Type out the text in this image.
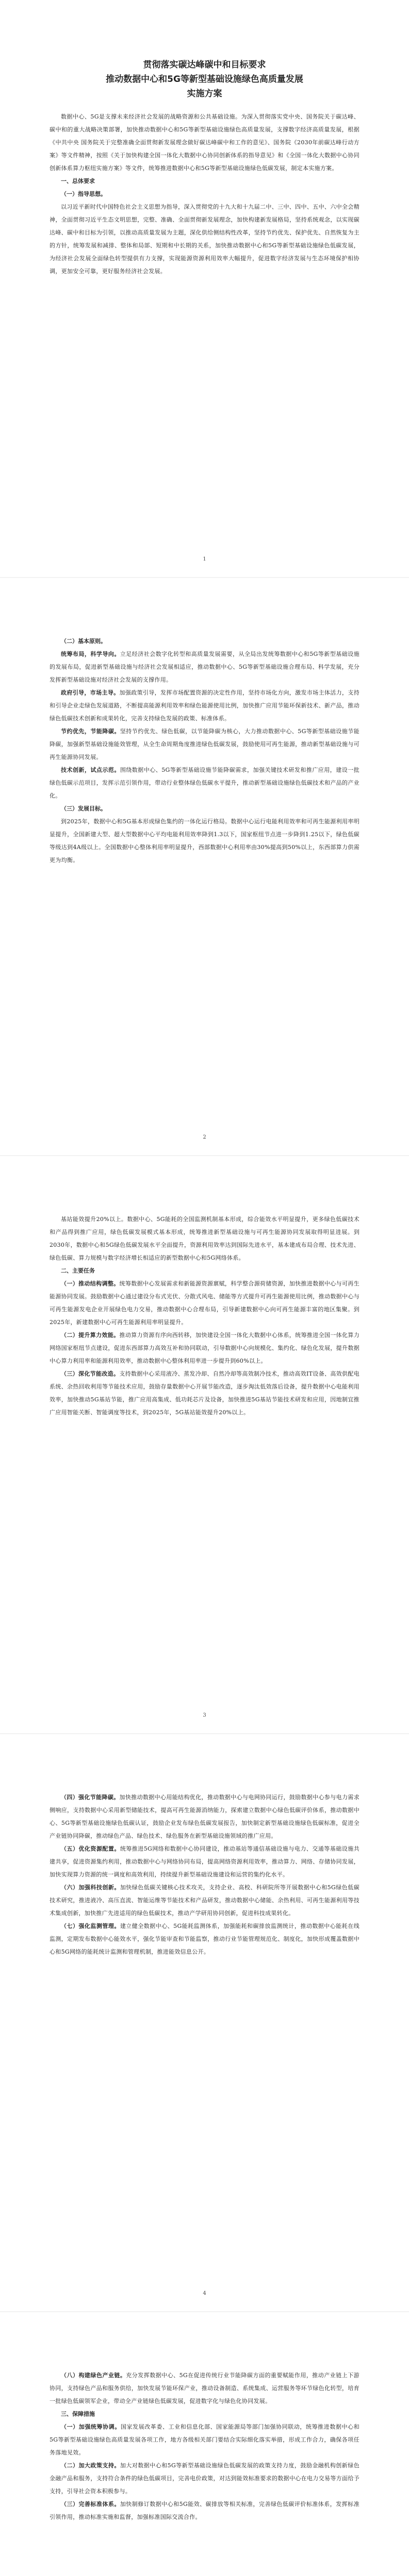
贯彻落实碳达峰碳中和目标要求

推动数据中心和5G等新型基础设施绿色高质量发展

实施方案

数据中心、5G是支撑未来经济社会发展的战略资源和公共基础设施。为深入贯彻落实党中央、国务院关于碳达峰、碳中和的重大战略决策部署，加快推动数据中心和5G等新型基础设施绿色高质量发展，支撑数字经济高质量发展，根据《中共中央 国务院关于完整准确全面贯彻新发展理念做好碳达峰碳中和工作的意见》、国务院《2030年前碳达峰行动方案》等文件精神，按照《关于加快构建全国一体化大数据中心协同创新体系的指导意见》和《全国一体化大数据中心协同创新体系算力枢纽实施方案》等文件，统筹推进数据中心和5G等新型基础设施绿色低碳发展，制定本实施方案。

一、总体要求

（一）指导思想。

以习近平新时代中国特色社会主义思想为指导，深入贯彻党的十九大和十九届二中、三中、四中、五中、六中全会精神，全面贯彻习近平生态文明思想，完整、准确、全面贯彻新发展理念，加快构建新发展格局，坚持系统观念，以实现碳达峰、碳中和目标为引领，以推动高质量发展为主题，深化供给侧结构性改革，坚持节约优先、保护优先、自然恢复为主的方针，统筹发展和减排、整体和局部、短期和中长期的关系，加快推动数据中心和5G等新型基础设施绿色低碳发展，为经济社会发展全面绿色转型提供有力支撑，实现能源资源利用效率大幅提升，促进数字经济发展与生态环境保护相协调，更加安全可靠，更好服务经济社会发展。

1

（二）基本原则。

统筹布局，科学导向。立足经济社会数字化转型和高质量发展需要，从全局出发统筹数据中心和5G等新型基础设施的发展布局，促进新型基础设施与经济社会发展相适应，推动数据中心、5G等新型基础设施合理布局、科学发展，充分发挥新型基础设施对经济社会发展的支撑作用。

政府引导，市场主导。加强政策引导，发挥市场配置资源的决定性作用，坚持市场化方向，激发市场主体活力，支持和引导企业走绿色发展道路，不断提高能源利用效率和绿色能源使用比例，加快推广应用节能环保新技术、新产品，推动绿色低碳技术创新和成果转化，完善支持绿色发展的政策、标准体系。

节约优先，节能降碳。坚持节约优先、绿色低碳，以节能降碳为核心，大力推动数据中心、5G等新型基础设施节能降碳，加强新型基础设施能效管理，从全生命周期角度推进绿色低碳发展，鼓励使用可再生能源，推动新型基础设施与可再生能源协同发展。

技术创新，试点示范。围绕数据中心、5G等新型基础设施节能降碳需求，加强关键技术研发和推广应用，建设一批绿色低碳示范项目，发挥示范引领作用，带动行业整体绿色低碳水平提升，推动新型基础设施绿色低碳技术和产品的产业化。

（三）发展目标。

到2025年，数据中心和5G基本形成绿色集约的一体化运行格局。数据中心运行电能利用效率和可再生能源利用率明显提升，全国新建大型、超大型数据中心平均电能利用效率降到1.3以下，国家枢纽节点进一步降到1.25以下，绿色低碳等级达到4A级以上。全国数据中心整体利用率明显提升，西部数据中心利用率由30%提高到50%以上，东西部算力供需更为均衡。

2

基站能效提升20%以上。数据中心、5G能耗的全国监测机制基本形成，综合能效水平明显提升，更多绿色低碳技术和产品得到推广应用，绿色低碳发展模式基本形成，统筹推进新型基础设施与可再生能源协同发展取得明显进展。到2030年，数据中心和5G绿色低碳发展水平全面提升，资源利用效率达到国际先进水平，基本建成布局合理、技术先进、绿色低碳、算力规模与数字经济增长相适应的新型数据中心和5G网络体系。

二、主要任务

（一）推动结构调整。统筹数据中心发展需求和新能源资源禀赋，科学整合源荷储资源，加快推进数据中心与可再生能源协同发展。鼓励数据中心通过建设分布式光伏、分散式风电、储能等方式提升可再生能源使用比例，推动数据中心与可再生能源发电企业开展绿色电力交易，推动数据中心合理布局，引导新建数据中心向可再生能源丰富的地区集聚。到2025年，新建数据中心可再生能源利用率明显提升。

（二）提升算力效能。推动算力资源有序向西转移，加快建设全国一体化大数据中心体系，统筹推进全国一体化算力网络国家枢纽节点建设，促进东西部算力高效互补和协同联动，引导数据中心向规模化、集约化、绿色化发展，提升数据中心算力利用率和能源利用效率，推动数据中心整体利用率进一步提升到60%以上。

（三）深化节能改造。支持数据中心采用液冷、蒸发冷却、自然冷却等高效制冷技术，推动高效IT设备、高效供配电系统、余热回收利用等节能技术应用，鼓励存量数据中心开展节能改造，逐步淘汰低效落后设备，提升数据中心电能利用效率，加快推动5G基站节能，推广应用高集成、低功耗芯片及设备，加快推进5G基站节能技术研发和应用，因地制宜推广应用智能关断、智能调度等技术，到2025年，5G基站能效提升20%以上。

3

（四）强化节能降碳。加快推动数据中心用能结构优化，推动数据中心与电网协同运行，鼓励数据中心参与电力需求侧响应，支持数据中心采用新型储能技术，提高可再生能源消纳能力，探索建立数据中心绿色低碳评价体系，推动数据中心、5G等新型基础设施绿色低碳认证，鼓励企业发布绿色低碳发展报告，加快制定新型基础设施绿色低碳标准，促进全产业链协同降碳，推动绿色产品、绿色技术、绿色服务在新型基础设施领域的推广应用。

（五）优化资源配置。统筹推进5G网络和数据中心协同建设，推动基站等通信基础设施与电力、交通等基础设施共建共享，促进资源集约利用，推动数据中心与网络协同布局，提高网络资源利用效率，推动算力、网络、存储协同发展，加快实现算力资源的统一调度和高效利用，持续提升新型基础设施建设和运营的集约化水平。

（六）加强科技创新。加快绿色低碳关键核心技术攻关，支持企业、高校、科研院所等开展数据中心和5G绿色低碳技术研究，推进液冷、高压直流、智能运维等节能技术和产品研发，推动数据中心储能、余热利用、可再生能源利用等技术集成创新，加快推广先进适用的绿色低碳技术，推动产学研用协同创新，促进科技成果转化。

（七）强化监测管理。建立健全数据中心、5G能耗监测体系，加强能耗和碳排放监测统计，推动数据中心能耗在线监测，定期发布数据中心能效水平，强化节能审查和节能监察，推动行业节能管理规范化、制度化，加快形成覆盖数据中心和5G网络的能耗统计监测和管理机制，推进能效信息公开。

4

（八）构建绿色产业链。充分发挥数据中心、5G在促进传统行业节能降碳方面的重要赋能作用，推动产业链上下游协同，支持绿色产品和服务供给，加快发展节能环保产业，推动设备制造、系统集成、运营服务等环节绿色化转型，培育一批绿色低碳领军企业，带动全产业链绿色低碳发展，促进数字化与绿色化协同发展。

三、保障措施

（一）加强统筹协调。国家发展改革委、工业和信息化部、国家能源局等部门加强协同联动，统筹推进数据中心和5G等新型基础设施绿色高质量发展各项工作，地方各级相关部门要结合实际细化落实举措，形成工作合力，确保各项任务落地见效。

（二）加大政策支持。加大对数据中心和5G等新型基础设施绿色低碳发展的政策支持力度，鼓励金融机构创新绿色金融产品和服务，支持符合条件的绿色低碳项目，完善电价政策，对达到能效标准要求的数据中心在电力交易等方面给予支持，引导社会资本积极参与。

（三）完善标准体系。加快制修订数据中心和5G能效、碳排放等相关标准，完善绿色低碳评价标准体系，发挥标准引领作用，推动标准实施和监督，加强标准国际交流合作。
